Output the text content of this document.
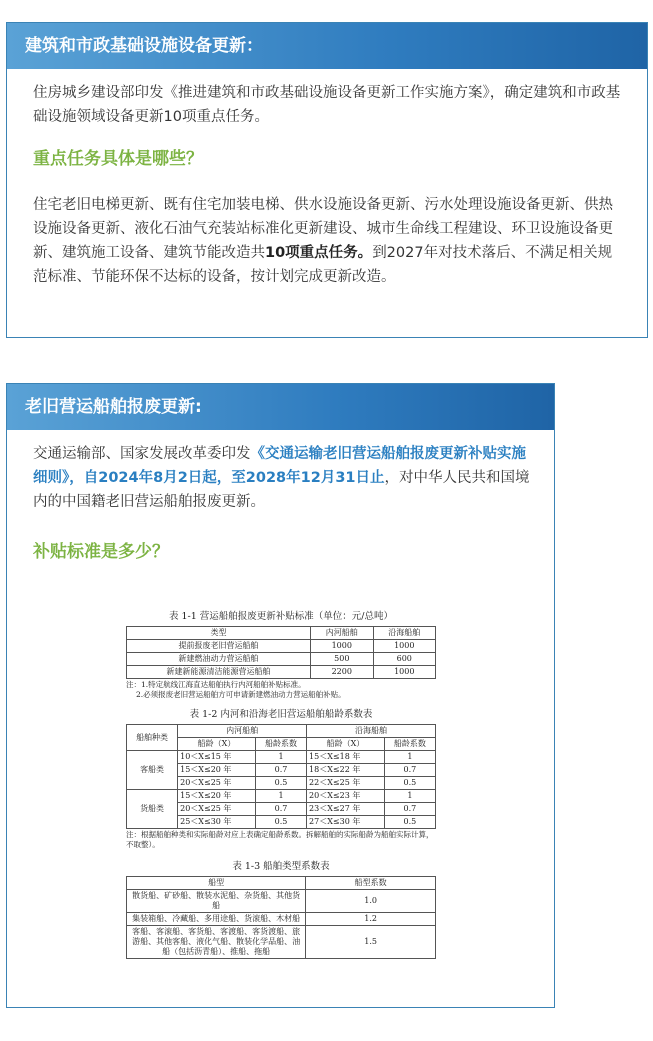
建筑和市政基础设施设备更新：

住房城乡建设部印发《推进建筑和市政基础设施设备更新工作实施方案》，确定建筑和市政基础设施领域设备更新10项重点任务。

重点任务具体是哪些？

住宅老旧电梯更新、既有住宅加装电梯、供水设施设备更新、污水处理设施设备更新、供热设施设备更新、液化石油气充装站标准化更新建设、城市生命线工程建设、环卫设施设备更新、建筑施工设备、建筑节能改造共10项重点任务。到2027年对技术落后、不满足相关规范标准、节能环保不达标的设备，按计划完成更新改造。

老旧营运船舶报废更新:

交通运输部、国家发展改革委印发《交通运输老旧营运船舶报废更新补贴实施细则》，自2024年8月2日起，至2028年12月31日止，对中华人民共和国境内的中国籍老旧营运船舶报废更新。

补贴标准是多少？

表 1-1 营运船舶报废更新补贴标准（单位：元/总吨）
类型	内河船舶	沿海船舶
提前报废老旧营运船舶	1000	1000
新建燃油动力营运船舶	500	600
新建新能源清洁能源营运船舶	2200	1000
注：1.特定航线江海直达船舶执行内河船舶补贴标准。
2.必须报废老旧营运船舶方可申请新建燃油动力营运船舶补贴。
表 1-2 内河和沿海老旧营运船舶船龄系数表
船舶种类	内河船舶		沿海船舶	
	船龄（X）	船龄系数	船龄（X）	船龄系数
客船类	10＜X≤15 年	1	15＜X≤18 年	1
	15＜X≤20 年	0.7	18＜X≤22 年	0.7
	20＜X≤25 年	0.5	22＜X≤25 年	0.5
货船类	15＜X≤20 年	1	20＜X≤23 年	1
	20＜X≤25 年	0.7	23＜X≤27 年	0.7
	25＜X≤30 年	0.5	27＜X≤30 年	0.5
注：根据船舶种类和实际船龄对应上表确定船龄系数。拆解船舶的实际船龄为船舶实际计算，不取整）。
表 1-3 船舶类型系数表
船型	船型系数
散货船、矿砂船、散装水泥船、杂货船、其他货船	1.0
集装箱船、冷藏船、多用途船、货滚船、木材船	1.2
客船、客滚船、客货船、客渡船、客货渡船、旅游船、其他客船、液化气船、散装化学品船、油船（包括沥青船）、推船、拖船	1.5
